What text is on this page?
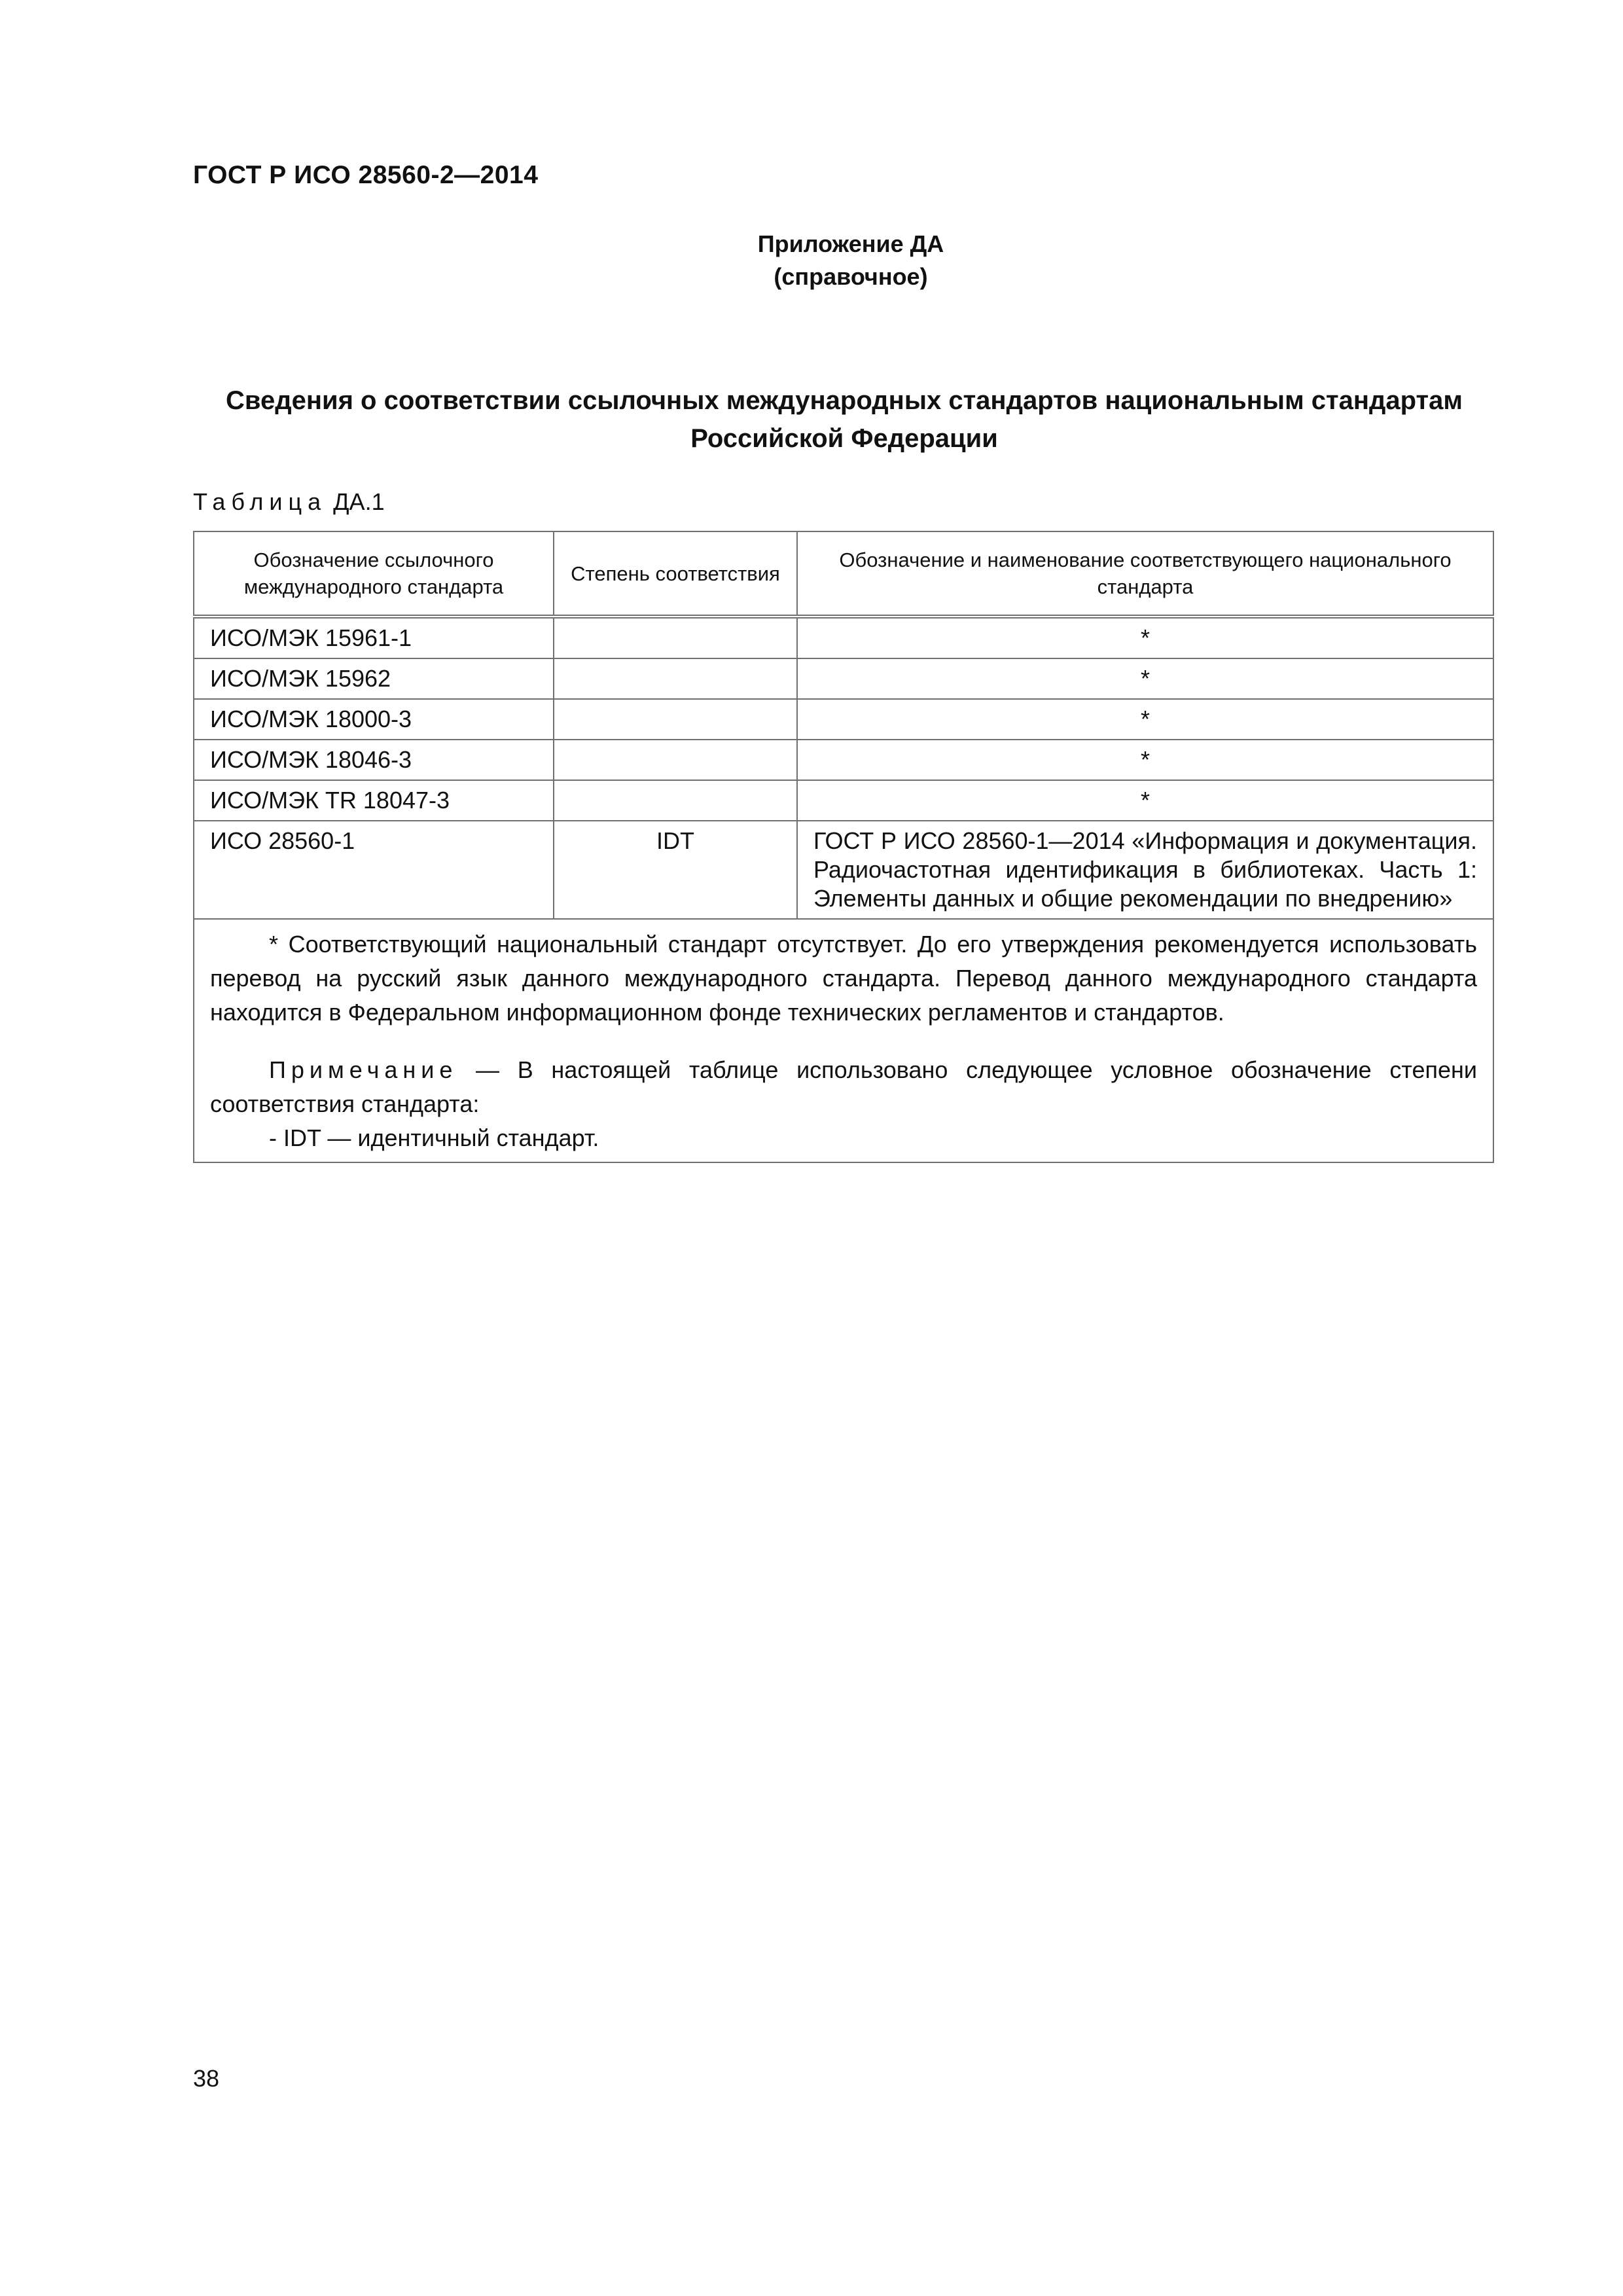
ГОСТ Р ИСО 28560-2—2014
Приложение ДА
(справочное)
Сведения о соответствии ссылочных международных стандартов национальным стандартам
Российской Федерации
Таблица ДА.1
Обозначение ссылочного международного стандарта	Степень соответствия	Обозначение и наименование соответствующего национального стандарта
ИСО/МЭК 15961-1		*
ИСО/МЭК 15962		*
ИСО/МЭК 18000-3		*
ИСО/МЭК 18046-3		*
ИСО/МЭК TR 18047-3		*
ИСО 28560-1	IDT	ГОСТ Р ИСО 28560-1—2014 «Информация и документация. Радиочастотная идентификация в библиотеках. Часть 1: Элементы данных и общие рекомендации по внедрению»

* Соответствующий национальный стандарт отсутствует. До его утверждения рекомендуется использовать перевод на русский язык данного международного стандарта. Перевод данного международного стандарта находится в Федеральном информационном фонде технических регламентов и стандартов.

Примечание — В настоящей таблице использовано следующее условное обозначение степени соответствия стандарта:

- IDT — идентичный стандарт.		

38
